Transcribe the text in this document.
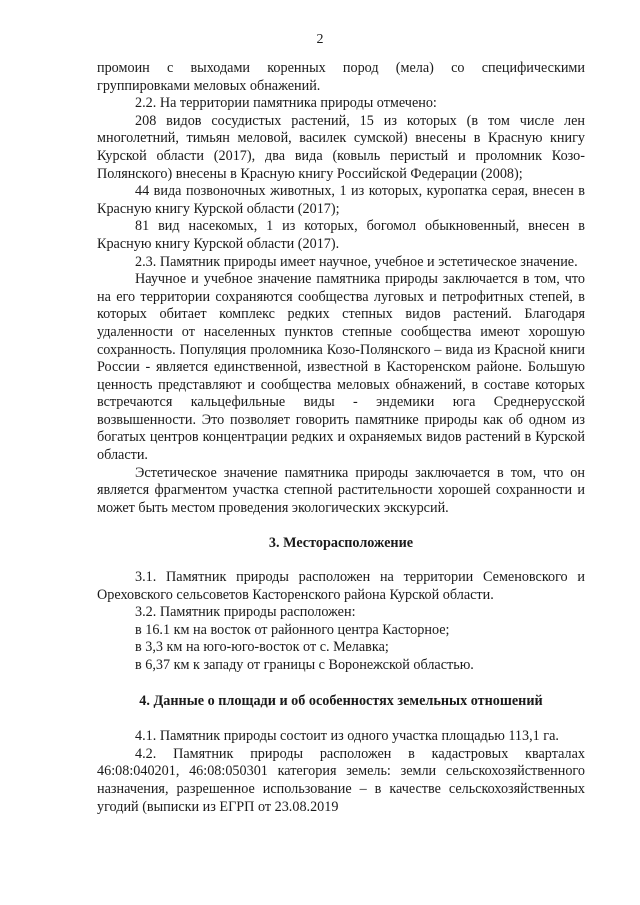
2

промоин с выходами коренных пород (мела) со специфическими группировками меловых обнажений.

2.2. На территории памятника природы отмечено:

208 видов сосудистых растений, 15 из которых (в том числе лен многолетний, тимьян меловой, василек сумской) внесены в Красную книгу Курской области (2017), два вида (ковыль перистый и проломник Козо-Полянского) внесены в Красную книгу Российской Федерации (2008);

44 вида позвоночных животных, 1 из которых, куропатка серая, внесен в Красную книгу Курской области (2017);

81 вид насекомых, 1 из которых, богомол обыкновенный, внесен в Красную книгу Курской области (2017).

2.3. Памятник природы имеет научное, учебное и эстетическое значение.

Научное и учебное значение памятника природы заключается в том, что на его территории сохраняются сообщества луговых и петрофитных степей, в которых обитает комплекс редких степных видов растений. Благодаря удаленности от населенных пунктов степные сообщества имеют хорошую сохранность. Популяция проломника Козо-Полянского – вида из Красной книги России - является единственной, известной в Касторенском районе. Большую ценность представляют и сообщества меловых обнажений, в составе которых встречаются кальцефильные виды - эндемики юга Среднерусской возвышенности. Это позволяет говорить памятнике природы как об одном из богатых центров концентрации редких и охраняемых видов растений в Курской области.

Эстетическое значение памятника природы заключается в том, что он является фрагментом участка степной растительности хорошей сохранности и может быть местом проведения экологических экскурсий.

3. Месторасположение

3.1. Памятник природы расположен на территории Семеновского и Ореховского сельсоветов Касторенского района Курской области.

3.2. Памятник природы расположен:

в 16.1 км на восток от районного центра Касторное;

в 3,3 км на юго-юго-восток от с. Мелавка;

в 6,37 км к западу от границы с Воронежской областью.

4. Данные о площади и об особенностях земельных отношений

4.1. Памятник природы состоит из одного участка площадью 113,1 га.

4.2. Памятник природы расположен в кадастровых кварталах 46:08:040201, 46:08:050301 категория земель: земли сельскохозяйственного назначения, разрешенное использование – в качестве сельскохозяйственных угодий (выписки из ЕГРП от 23.08.2019
